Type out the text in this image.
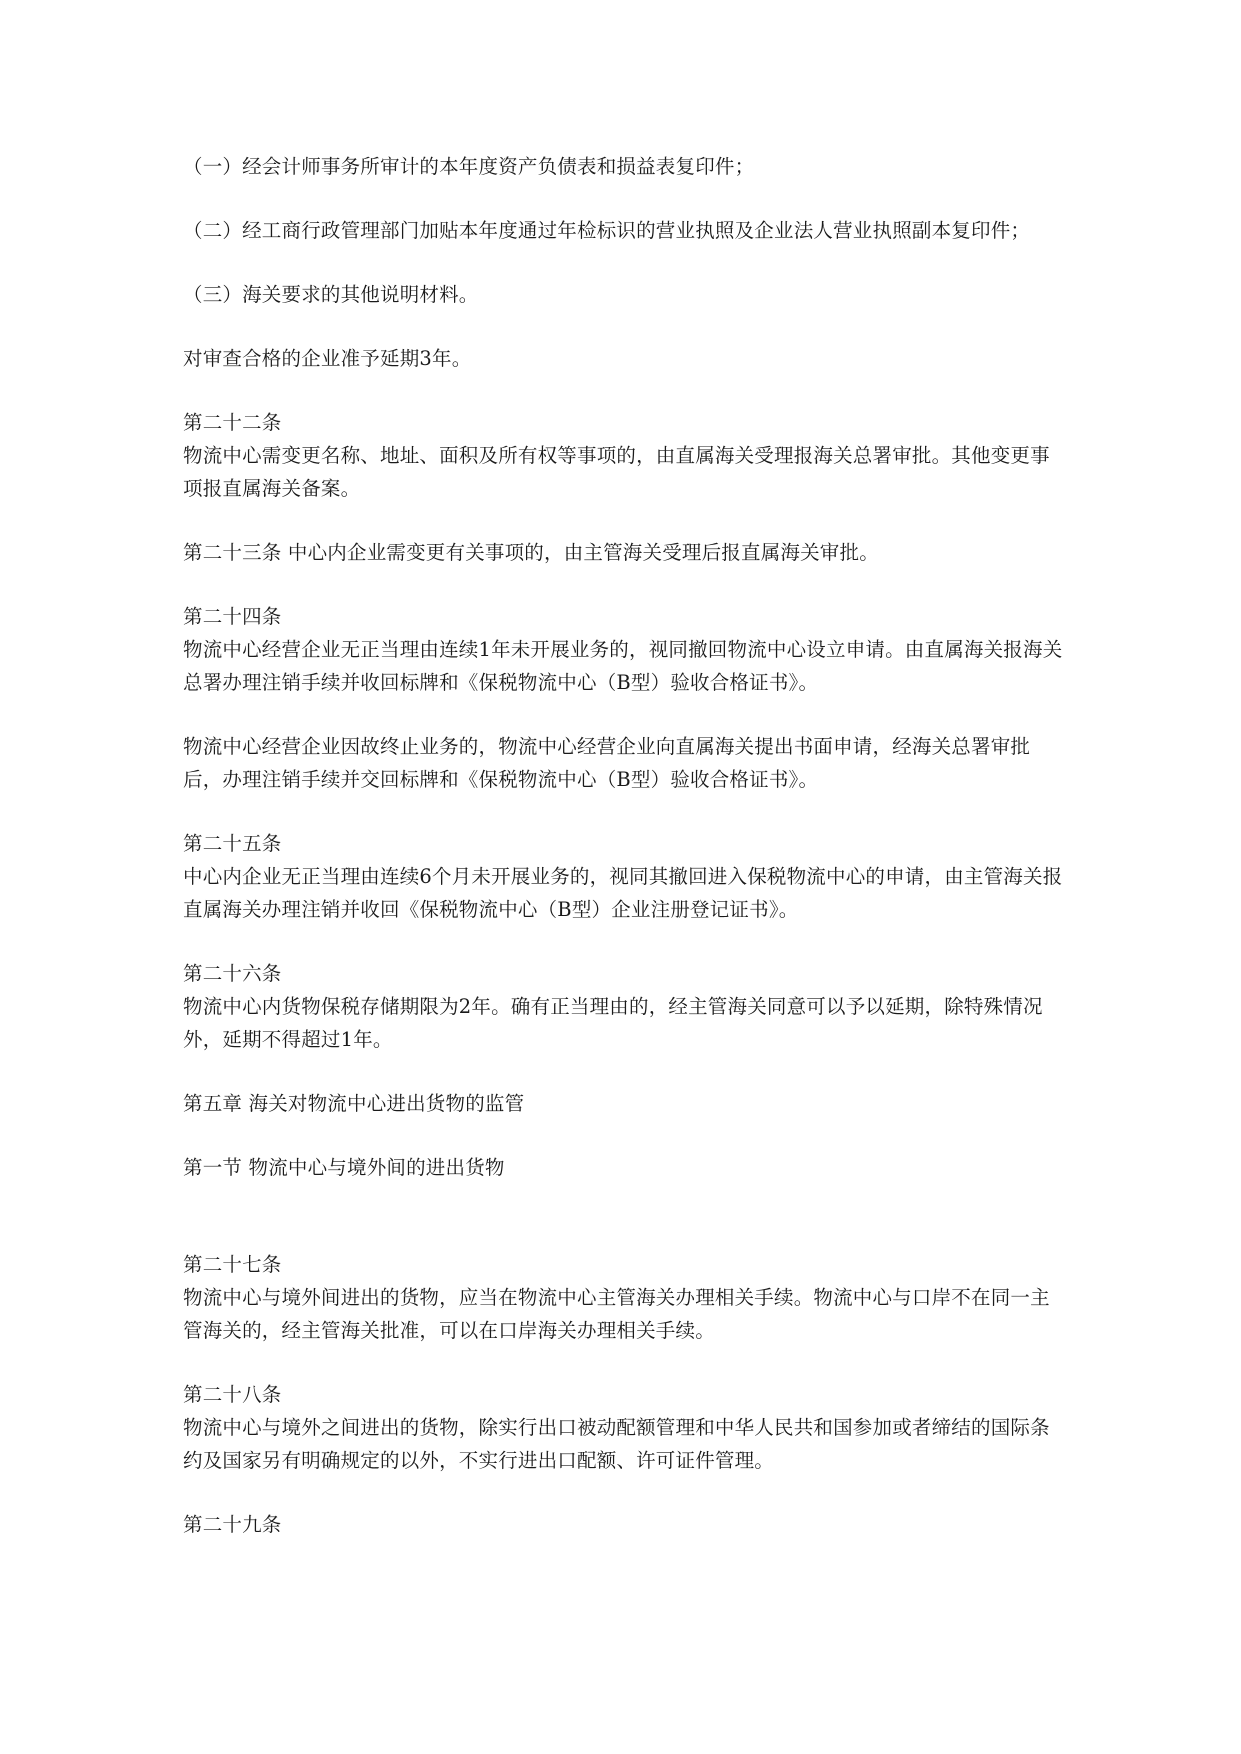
（一）经会计师事务所审计的本年度资产负债表和损益表复印件；

（二）经工商行政管理部门加贴本年度通过年检标识的营业执照及企业法人营业执照副本复印件；

（三）海关要求的其他说明材料。

对审查合格的企业准予延期3年。

第二十二条

物流中心需变更名称、地址、面积及所有权等事项的，由直属海关受理报海关总署审批。其他变更事项报直属海关备案。

第二十三条 中心内企业需变更有关事项的，由主管海关受理后报直属海关审批。

第二十四条

物流中心经营企业无正当理由连续1年未开展业务的，视同撤回物流中心设立申请。由直属海关报海关总署办理注销手续并收回标牌和《保税物流中心（B型）验收合格证书》。

物流中心经营企业因故终止业务的，物流中心经营企业向直属海关提出书面申请，经海关总署审批后，办理注销手续并交回标牌和《保税物流中心（B型）验收合格证书》。

第二十五条

中心内企业无正当理由连续6个月未开展业务的，视同其撤回进入保税物流中心的申请，由主管海关报直属海关办理注销并收回《保税物流中心（B型）企业注册登记证书》。

第二十六条

物流中心内货物保税存储期限为2年。确有正当理由的，经主管海关同意可以予以延期，除特殊情况外，延期不得超过1年。

第五章 海关对物流中心进出货物的监管

第一节 物流中心与境外间的进出货物

第二十七条

物流中心与境外间进出的货物，应当在物流中心主管海关办理相关手续。物流中心与口岸不在同一主管海关的，经主管海关批准，可以在口岸海关办理相关手续。

第二十八条

物流中心与境外之间进出的货物，除实行出口被动配额管理和中华人民共和国参加或者缔结的国际条约及国家另有明确规定的以外，不实行进出口配额、许可证件管理。

第二十九条
